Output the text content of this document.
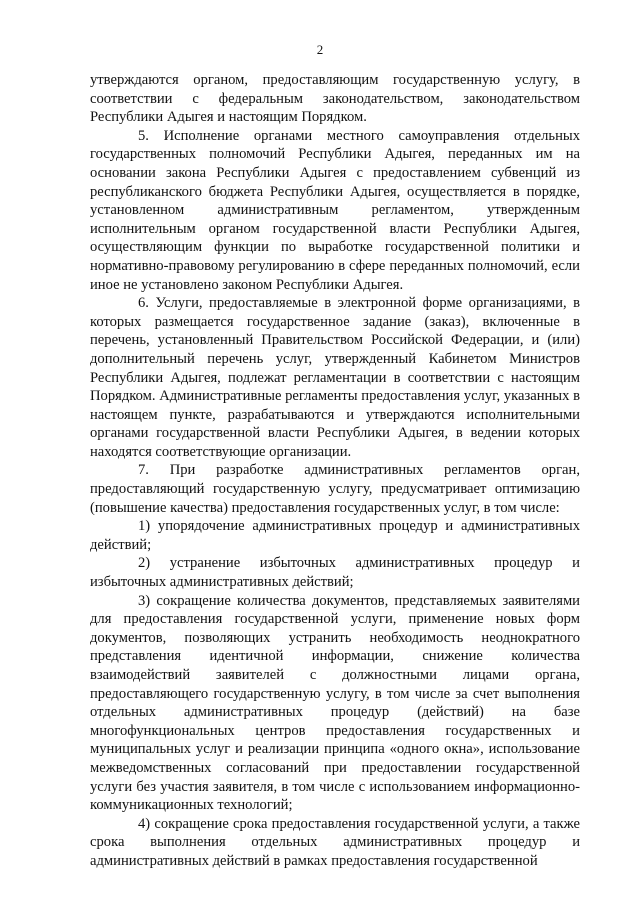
2

утверждаются органом, предоставляющим государственную услугу, в соответствии с федеральным законодательством, законодательством Республики Адыгея и настоящим Порядком.

5. Исполнение органами местного самоуправления отдельных государственных полномочий Республики Адыгея, переданных им на основании закона Республики Адыгея с предоставлением субвенций из республиканского бюджета Республики Адыгея, осуществляется в порядке, установленном административным регламентом, утвержденным исполнительным органом государственной власти Республики Адыгея, осуществляющим функции по выработке государственной политики и нормативно-правовому регулированию в сфере переданных полномочий, если иное не установлено законом Республики Адыгея.

6. Услуги, предоставляемые в электронной форме организациями, в которых размещается государственное задание (заказ), включенные в перечень, установленный Правительством Российской Федерации, и (или) дополнительный перечень услуг, утвержденный Кабинетом Министров Республики Адыгея, подлежат регламентации в соответствии с настоящим Порядком. Административные регламенты предоставления услуг, указанных в настоящем пункте, разрабатываются и утверждаются исполнительными органами государственной власти Республики Адыгея, в ведении которых находятся соответствующие организации.

7. При разработке административных регламентов орган, предоставляющий государственную услугу, предусматривает оптимизацию (повышение качества) предоставления государственных услуг, в том числе:

1) упорядочение административных процедур и административных действий;

2) устранение избыточных административных процедур и избыточных административных действий;

3) сокращение количества документов, представляемых заявителями для предоставления государственной услуги, применение новых форм документов, позволяющих устранить необходимость неоднократного представления идентичной информации, снижение количества взаимодействий заявителей с должностными лицами органа, предоставляющего государственную услугу, в том числе за счет выполнения отдельных административных процедур (действий) на базе многофункциональных центров предоставления государственных и муниципальных услуг и реализации принципа «одного окна», использование межведомственных согласований при предоставлении государственной услуги без участия заявителя, в том числе с использованием информационно-коммуникационных технологий;

4) сокращение срока предоставления государственной услуги, а также срока выполнения отдельных административных процедур и административных действий в рамках предоставления государственной
